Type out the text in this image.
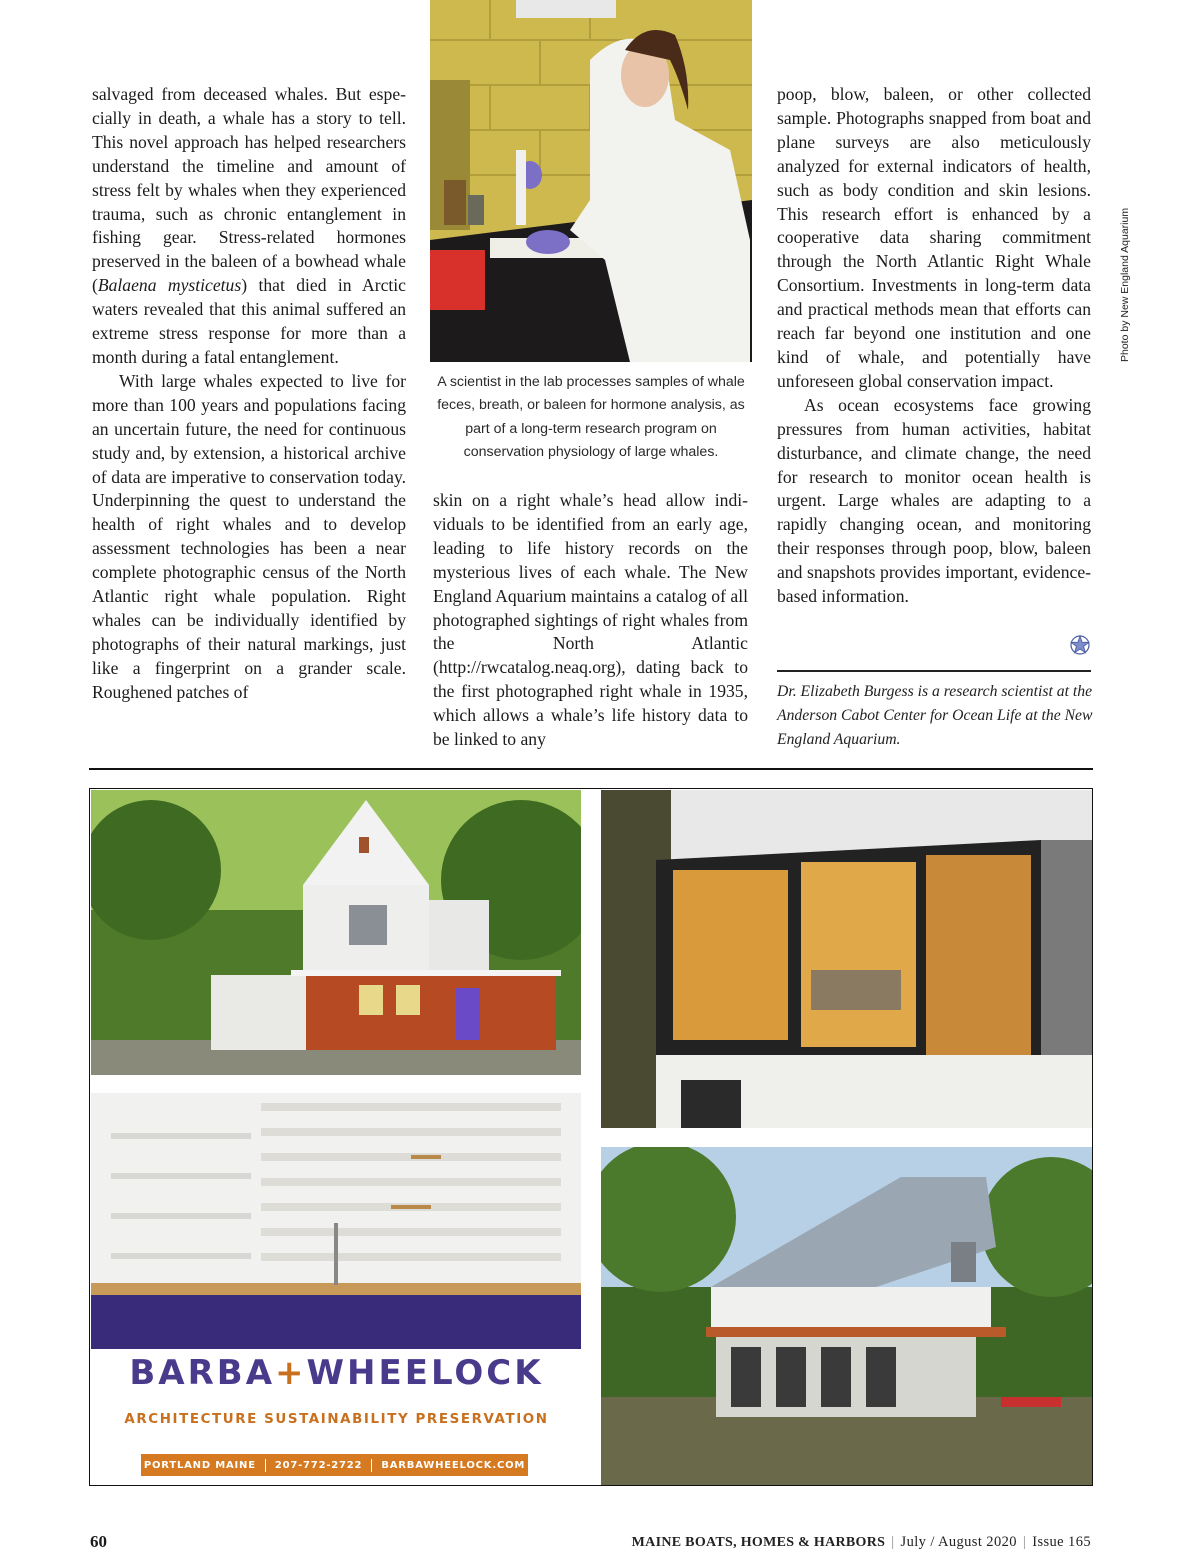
salvaged from deceased whales. But especially in death, a whale has a story to tell. This novel approach has helped researchers understand the timeline and amount of stress felt by whales when they experienced trauma, such as chronic entanglement in fishing gear. Stress-related hormones preserved in the baleen of a bowhead whale (Balaena mysticetus) that died in Arctic waters revealed that this animal suffered an extreme stress response for more than a month during a fatal entanglement.

With large whales expected to live for more than 100 years and populations facing an uncertain future, the need for continuous study and, by extension, a historical archive of data are imperative to conservation today. Underpinning the quest to understand the health of right whales and to develop assessment technologies has been a near complete photographic census of the North Atlantic right whale population. Right whales can be individually identified by photographs of their natural markings, just like a fingerprint on a grander scale. Roughened patches of

A scientist in the lab processes samples of whale feces, breath, or baleen for hormone analysis, as part of a long-term research program on conservation physiology of large whales.

skin on a right whale’s head allow individuals to be identified from an early age, leading to life history records on the mysterious lives of each whale. The New England Aquarium maintains a catalog of all photographed sightings of right whales from the North Atlantic (http://rwcatalog.neaq.org), dating back to the first photographed right whale in 1935, which allows a whale’s life history data to be linked to any

poop, blow, baleen, or other collected sample. Photographs snapped from boat and plane surveys are also meticulously analyzed for external indicators of health, such as body condition and skin lesions. This research effort is enhanced by a cooperative data sharing commitment through the North Atlantic Right Whale Consortium. Investments in long-term data and practical methods mean that efforts can reach far beyond one institution and one kind of whale, and potentially have unforeseen global conservation impact.

As ocean ecosystems face growing pressures from human activities, habitat disturbance, and climate change, the need for research to monitor ocean health is urgent. Large whales are adapting to a rapidly changing ocean, and monitoring their responses through poop, blow, baleen and snapshots provides important, evidence-based information.

Photo by New England Aquarium
Dr. Elizabeth Burgess is a research scientist at the Anderson Cabot Center for Ocean Life at the New England Aquarium.
BARBA+WHEELOCK
ARCHITECTURE SUSTAINABILITY PRESERVATION
PORTLAND MAINE 207-772-2722 BARBAWHEELOCK.COM
60	MAINE BOATS, HOMES & HARBORS | July / August 2020 | Issue 165
